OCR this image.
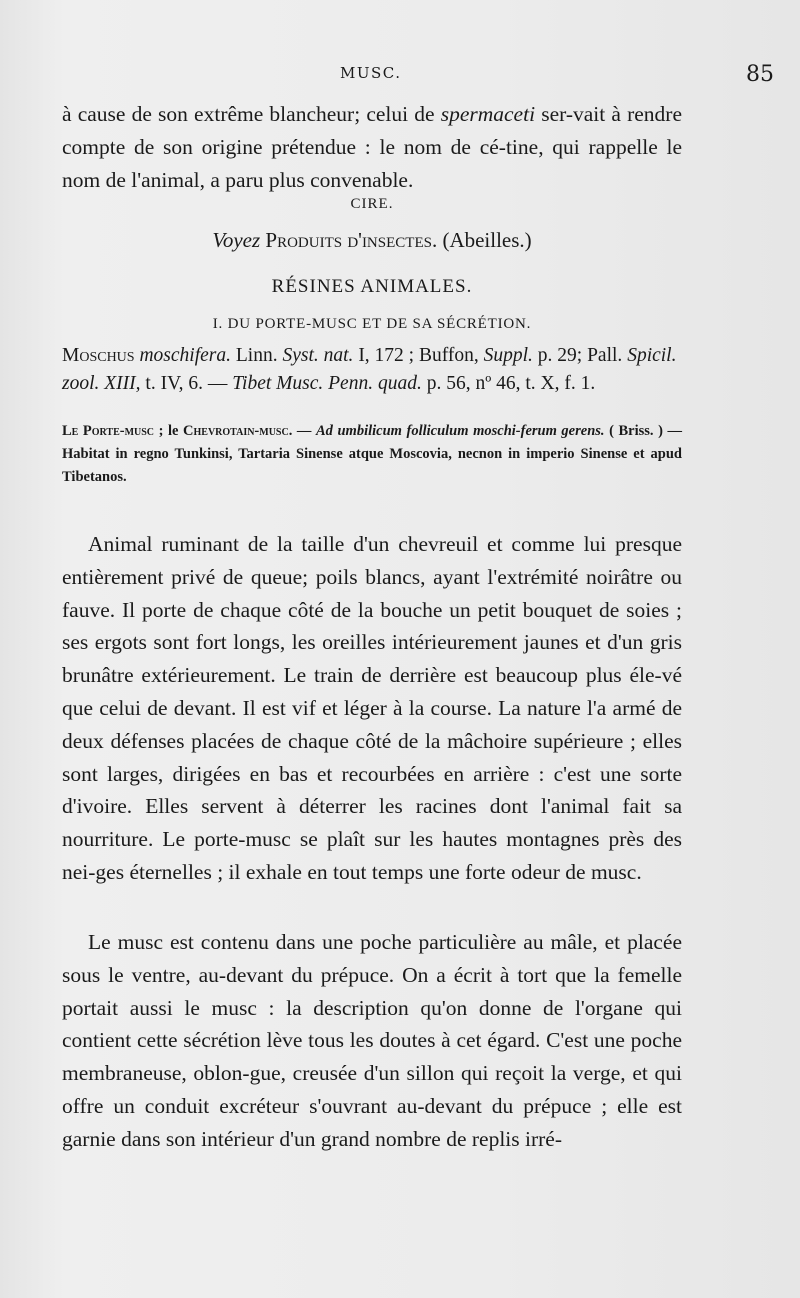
MUSC.	85

à cause de son extrême blancheur; celui de spermaceti ser-vait à rendre compte de son origine prétendue : le nom de cé-tine, qui rappelle le nom de l'animal, a paru plus convenable.

CIRE.

Voyez Produits d'insectes. (Abeilles.)

RÉSINES ANIMALES.

I. DU PORTE-MUSC ET DE SA SÉCRÉTION.

Moschus moschifera. Linn. Syst. nat. I, 172 ; Buffon, Suppl. p. 29; Pall. Spicil. zool. XIII, t. IV, 6. — Tibet Musc. Penn. quad. p. 56, nº 46, t. X, f. 1.

Le Porte-musc ; le Chevrotain-musc. — Ad umbilicum folliculum moschi-ferum gerens. ( Briss. ) — Habitat in regno Tunkinsi, Tartaria Sinense atque Moscovia, necnon in imperio Sinense et apud Tibetanos.

Animal ruminant de la taille d'un chevreuil et comme lui presque entièrement privé de queue; poils blancs, ayant l'extrémité noirâtre ou fauve. Il porte de chaque côté de la bouche un petit bouquet de soies ; ses ergots sont fort longs, les oreilles intérieurement jaunes et d'un gris brunâtre extérieurement. Le train de derrière est beaucoup plus éle-vé que celui de devant. Il est vif et léger à la course. La nature l'a armé de deux défenses placées de chaque côté de la mâchoire supérieure ; elles sont larges, dirigées en bas et recourbées en arrière : c'est une sorte d'ivoire. Elles servent à déterrer les racines dont l'animal fait sa nourriture. Le porte-musc se plaît sur les hautes montagnes près des nei-ges éternelles ; il exhale en tout temps une forte odeur de musc.

Le musc est contenu dans une poche particulière au mâle, et placée sous le ventre, au-devant du prépuce. On a écrit à tort que la femelle portait aussi le musc : la description qu'on donne de l'organe qui contient cette sécrétion lève tous les doutes à cet égard. C'est une poche membraneuse, oblon-gue, creusée d'un sillon qui reçoit la verge, et qui offre un conduit excréteur s'ouvrant au-devant du prépuce ; elle est garnie dans son intérieur d'un grand nombre de replis irré-
